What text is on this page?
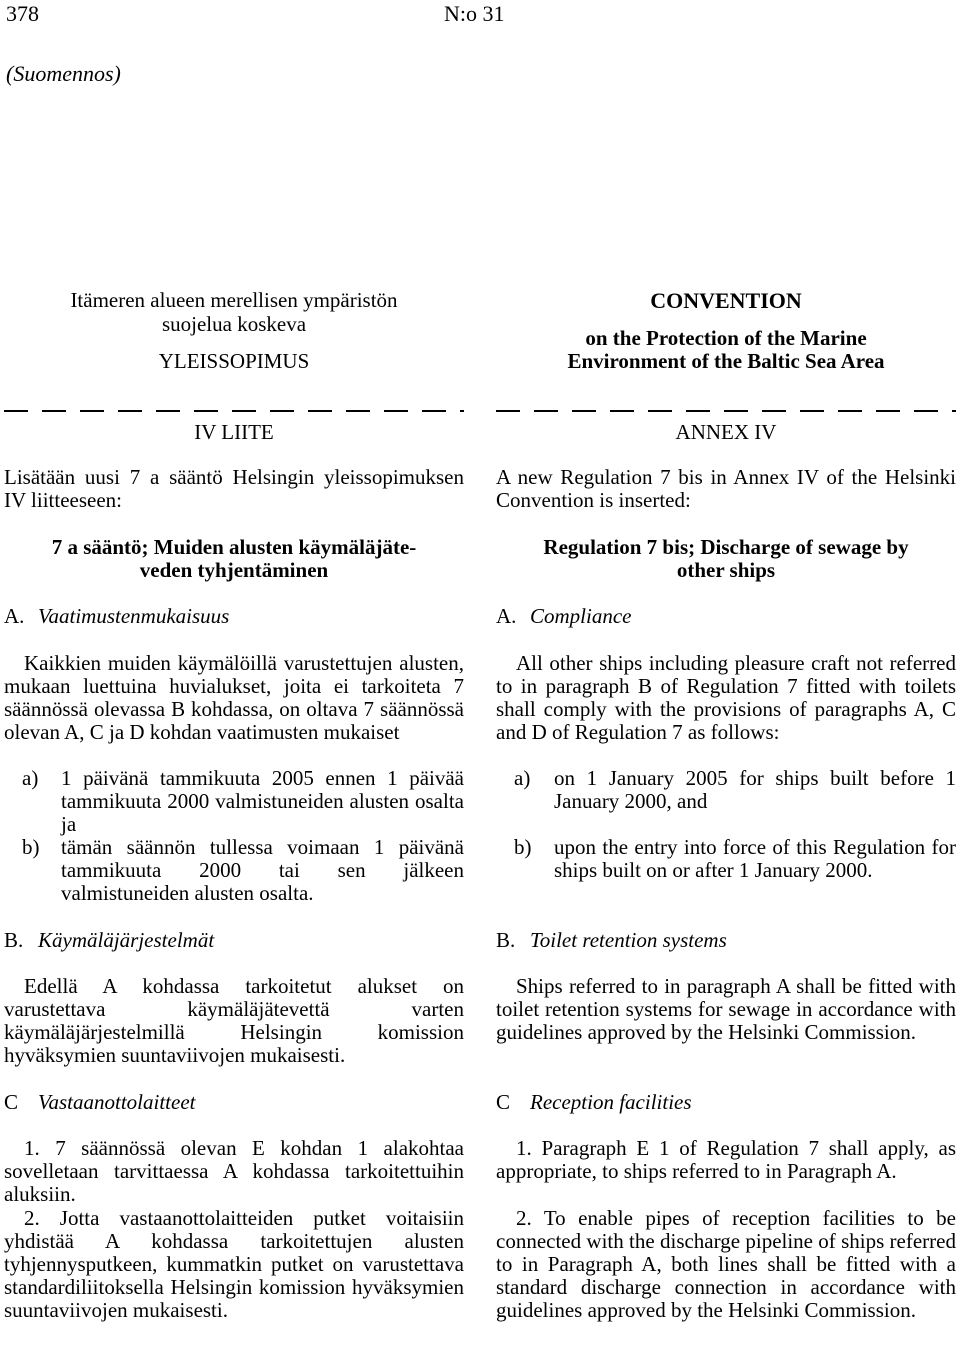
378	N:o 31
(Suomennos)
Itämeren alueen merellisen ympäristön
suojelua koskeva
YLEISSOPIMUS
IV LIITE
Lisätään uusi 7 a sääntö Helsingin yleissopimuksen IV liitteeseen:
7 a sääntö; Muiden alusten käymäläjäte-
veden tyhjentäminen
A. Vaatimustenmukaisuus
Kaikkien muiden käymälöillä varustettujen alusten, mukaan luettuina huvialukset, joita ei tarkoiteta 7 säännössä olevassa B kohdassa, on oltava 7 säännössä olevan A, C ja D kohdan vaatimusten mukaiset
a) 1 päivänä tammikuuta 2005 ennen 1 päivää tammikuuta 2000 valmistuneiden alusten osalta ja
b) tämän säännön tullessa voimaan 1 päivänä tammikuuta 2000 tai sen jälkeen valmistuneiden alusten osalta.
B. Käymäläjärjestelmät
Edellä A kohdassa tarkoitetut alukset on varustettava käymäläjätevettä varten käymäläjärjestelmillä Helsingin komission hyväksymien suuntaviivojen mukaisesti.
C Vastaanottolaitteet
1. 7 säännössä olevan E kohdan 1 alakohtaa sovelletaan tarvittaessa A kohdassa tarkoitettuihin aluksiin.
2. Jotta vastaanottolaitteiden putket voitaisiin yhdistää A kohdassa tarkoitettujen alusten tyhjennysputkeen, kummatkin putket on varustettava standardiliitoksella Helsingin komission hyväksymien suuntaviivojen mukaisesti.
CONVENTION
on the Protection of the Marine
Environment of the Baltic Sea Area
ANNEX IV
A new Regulation 7 bis in Annex IV of the Helsinki Convention is inserted:
Regulation 7 bis; Discharge of sewage by
other ships
A. Compliance
All other ships including pleasure craft not referred to in paragraph B of Regulation 7 fitted with toilets shall comply with the provisions of paragraphs A, C and D of Regulation 7 as follows:
a) on 1 January 2005 for ships built before 1 January 2000, and
b) upon the entry into force of this Regulation for ships built on or after 1 January 2000.
B. Toilet retention systems
Ships referred to in paragraph A shall be fitted with toilet retention systems for sewage in accordance with guidelines approved by the Helsinki Commission.
C Reception facilities
1. Paragraph E 1 of Regulation 7 shall apply, as appropriate, to ships referred to in Paragraph A.
2. To enable pipes of reception facilities to be connected with the discharge pipeline of ships referred to in Paragraph A, both lines shall be fitted with a standard discharge connection in accordance with guidelines approved by the Helsinki Commission.
